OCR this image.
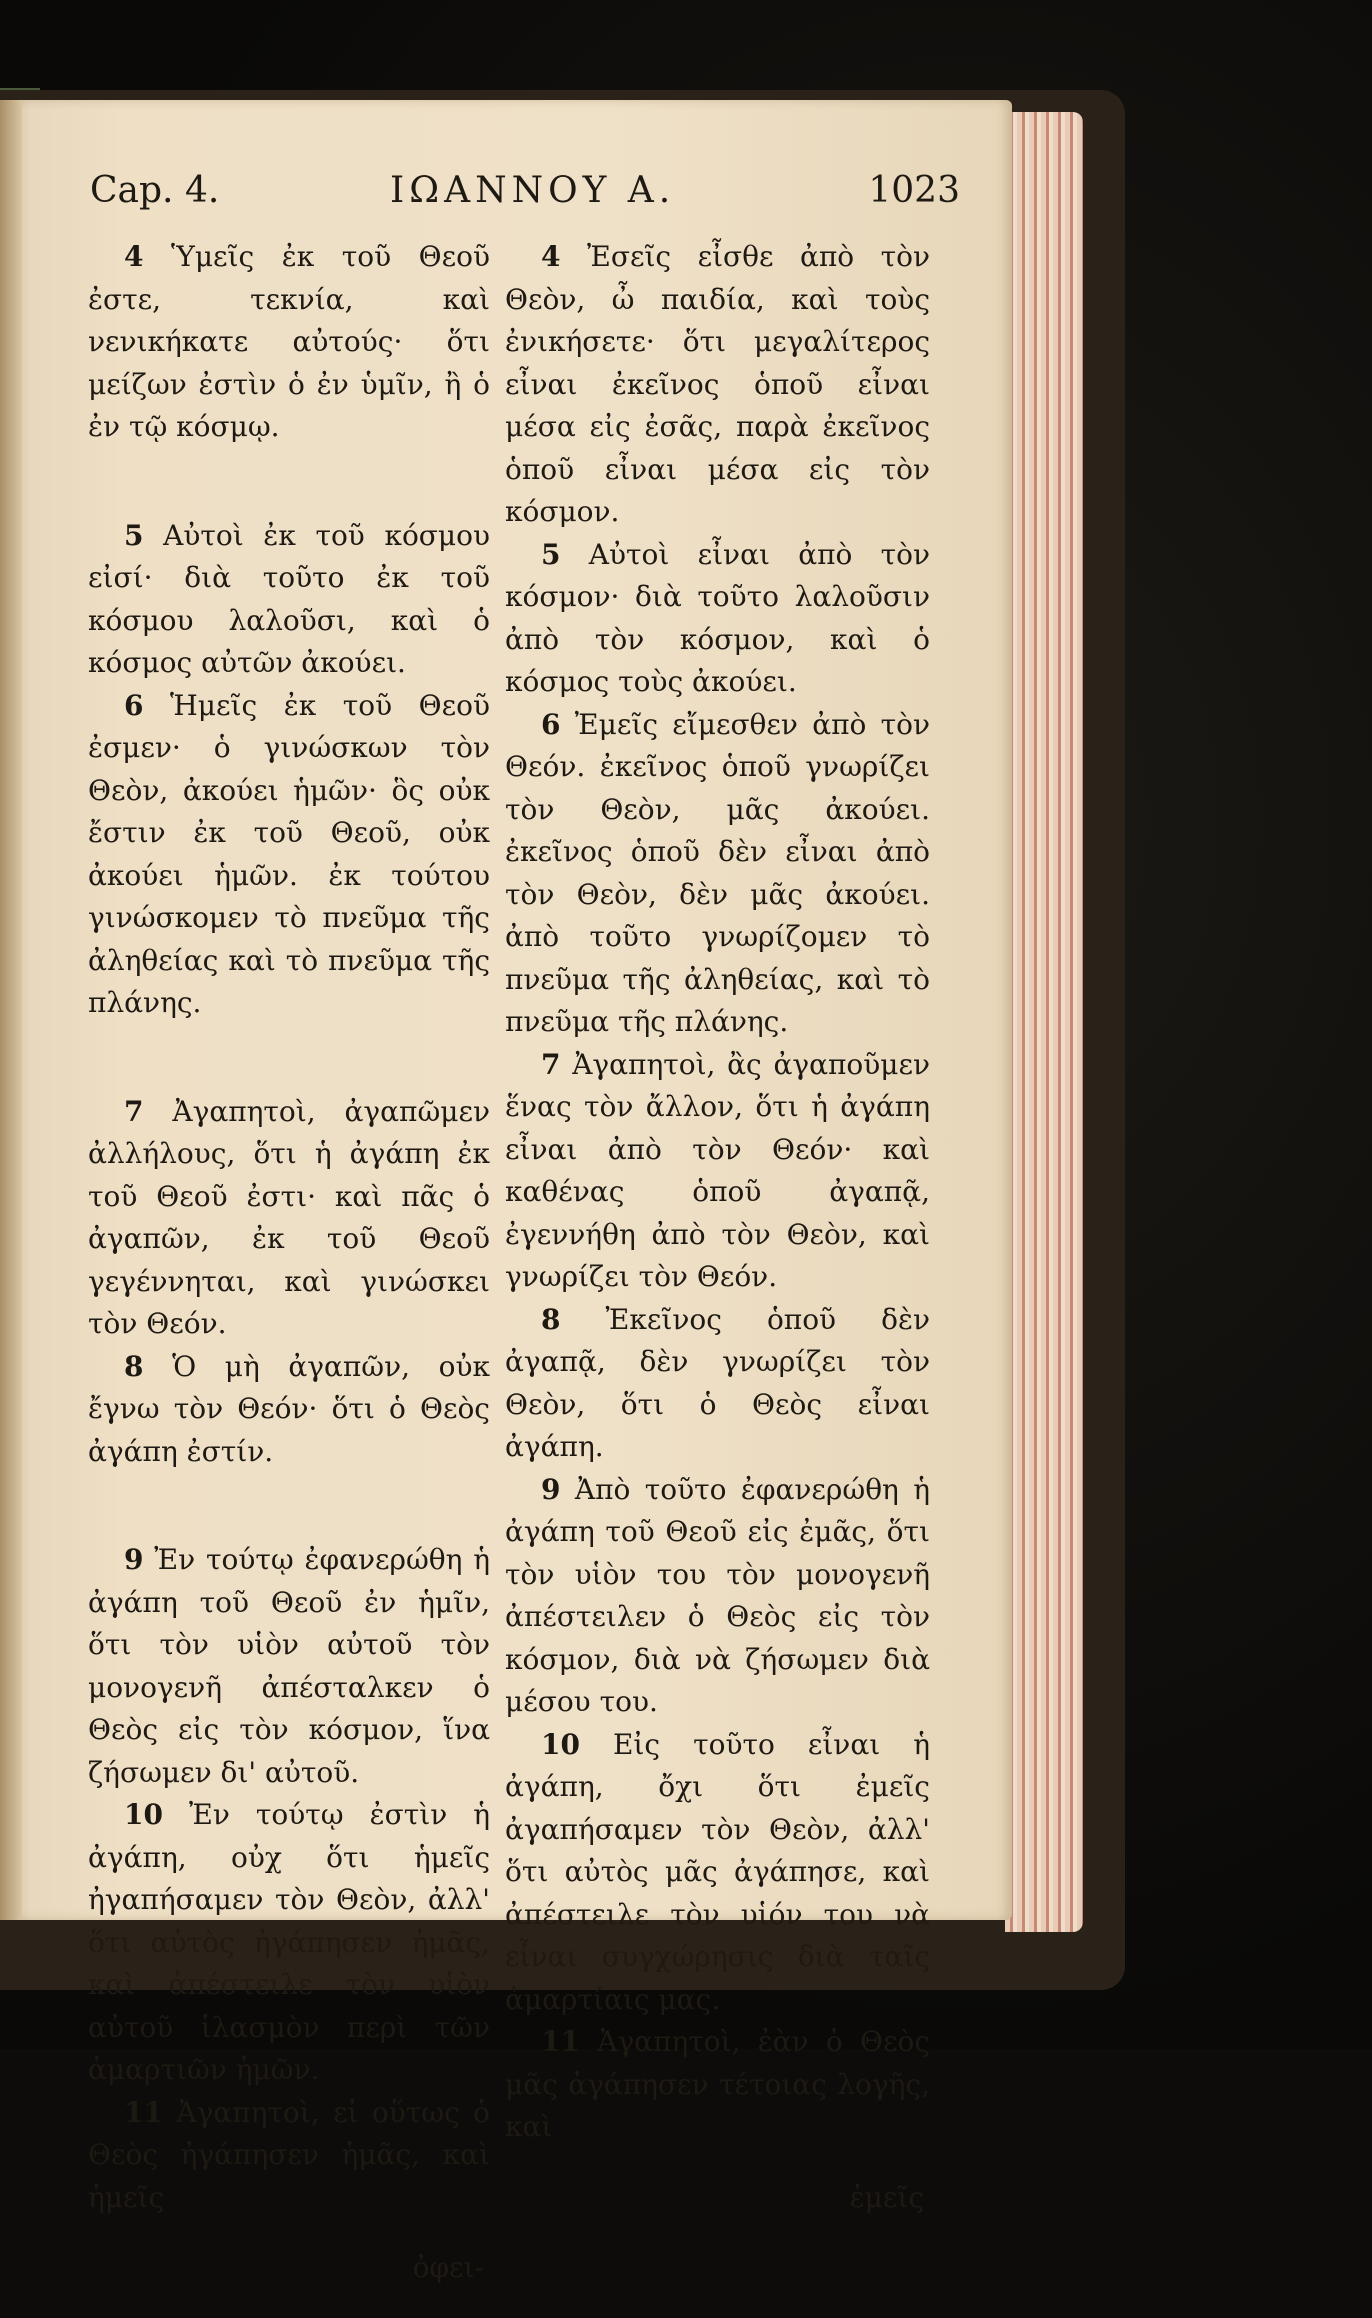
Cap. 4.	ΙΩΑΝΝΟΥ Α.	1023

4 Ὑμεῖς ἐκ τοῦ Θεοῦ ἐστε, τεκνία, καὶ νενικήκατε αὐτούς· ὅτι μείζων ἐστὶν ὁ ἐν ὑμῖν, ἢ ὁ ἐν τῷ κόσμῳ.

5 Αὐτοὶ ἐκ τοῦ κόσμου εἰσί· διὰ τοῦτο ἐκ τοῦ κόσμου λαλοῦσι, καὶ ὁ κόσμος αὐτῶν ἀκούει.

6 Ἡμεῖς ἐκ τοῦ Θεοῦ ἐσμεν· ὁ γινώσκων τὸν Θεὸν, ἀκούει ἡμῶν· ὃς οὐκ ἔστιν ἐκ τοῦ Θεοῦ, οὐκ ἀκούει ἡμῶν. ἐκ τούτου γινώσκομεν τὸ πνεῦμα τῆς ἀληθείας καὶ τὸ πνεῦμα τῆς πλάνης.

7 Ἀγαπητοὶ, ἀγαπῶμεν ἀλλήλους, ὅτι ἡ ἀγάπη ἐκ τοῦ Θεοῦ ἐστι· καὶ πᾶς ὁ ἀγαπῶν, ἐκ τοῦ Θεοῦ γεγέννηται, καὶ γινώσκει τὸν Θεόν.

8 Ὁ μὴ ἀγαπῶν, οὐκ ἔγνω τὸν Θεόν· ὅτι ὁ Θεὸς ἀγάπη ἐστίν.

9 Ἐν τούτῳ ἐφανερώθη ἡ ἀγάπη τοῦ Θεοῦ ἐν ἡμῖν, ὅτι τὸν υἱὸν αὐτοῦ τὸν μονογενῆ ἀπέσταλκεν ὁ Θεὸς εἰς τὸν κόσμον, ἵνα ζήσωμεν δι' αὐτοῦ.

10 Ἐν τούτῳ ἐστὶν ἡ ἀγάπη, οὐχ ὅτι ἡμεῖς ἠγαπήσαμεν τὸν Θεὸν, ἀλλ' ὅτι αὐτὸς ἠγάπησεν ἡμᾶς, καὶ ἀπέστειλε τὸν υἱὸν αὐτοῦ ἱλασμὸν περὶ τῶν ἁμαρτιῶν ἡμῶν.

11 Ἀγαπητοὶ, εἰ οὕτως ὁ Θεὸς ἠγάπησεν ἡμᾶς, καὶ ἡμεῖς

ὀφει-

4 Ἐσεῖς εἶσθε ἀπὸ τὸν Θεὸν, ὦ παιδία, καὶ τοὺς ἐνικήσετε· ὅτι μεγαλίτερος εἶναι ἐκεῖνος ὁποῦ εἶναι μέσα εἰς ἐσᾶς, παρὰ ἐκεῖνος ὁποῦ εἶναι μέσα εἰς τὸν κόσμον.

5 Αὐτοὶ εἶναι ἀπὸ τὸν κόσμον· διὰ τοῦτο λαλοῦσιν ἀπὸ τὸν κόσμον, καὶ ὁ κόσμος τοὺς ἀκούει.

6 Ἐμεῖς εἴμεσθεν ἀπὸ τὸν Θεόν. ἐκεῖνος ὁποῦ γνωρίζει τὸν Θεὸν, μᾶς ἀκούει. ἐκεῖνος ὁποῦ δὲν εἶναι ἀπὸ τὸν Θεὸν, δὲν μᾶς ἀκούει. ἀπὸ τοῦτο γνωρίζομεν τὸ πνεῦμα τῆς ἀληθείας, καὶ τὸ πνεῦμα τῆς πλάνης.

7 Ἀγαπητοὶ, ἂς ἀγαποῦμεν ἕνας τὸν ἄλλον, ὅτι ἡ ἀγάπη εἶναι ἀπὸ τὸν Θεόν· καὶ καθένας ὁποῦ ἀγαπᾷ, ἐγεννήθη ἀπὸ τὸν Θεὸν, καὶ γνωρίζει τὸν Θεόν.

8 Ἐκεῖνος ὁποῦ δὲν ἀγαπᾷ, δὲν γνωρίζει τὸν Θεὸν, ὅτι ὁ Θεὸς εἶναι ἀγάπη.

9 Ἀπὸ τοῦτο ἐφανερώθη ἡ ἀγάπη τοῦ Θεοῦ εἰς ἐμᾶς, ὅτι τὸν υἱὸν του τὸν μονογενῆ ἀπέστειλεν ὁ Θεὸς εἰς τὸν κόσμον, διὰ νὰ ζήσωμεν διὰ μέσου του.

10 Εἰς τοῦτο εἶναι ἡ ἀγάπη, ὄχι ὅτι ἐμεῖς ἀγαπήσαμεν τὸν Θεὸν, ἀλλ' ὅτι αὐτὸς μᾶς ἀγάπησε, καὶ ἀπέστειλε τὸν υἱόν του νὰ εἶναι συγχώρησις διὰ ταῖς ἁμαρτίαις μας.

11 Ἀγαπητοὶ, ἐὰν ὁ Θεὸς μᾶς ἀγάπησεν τέτοιας λογῆς, καὶ

ἐμεῖς
